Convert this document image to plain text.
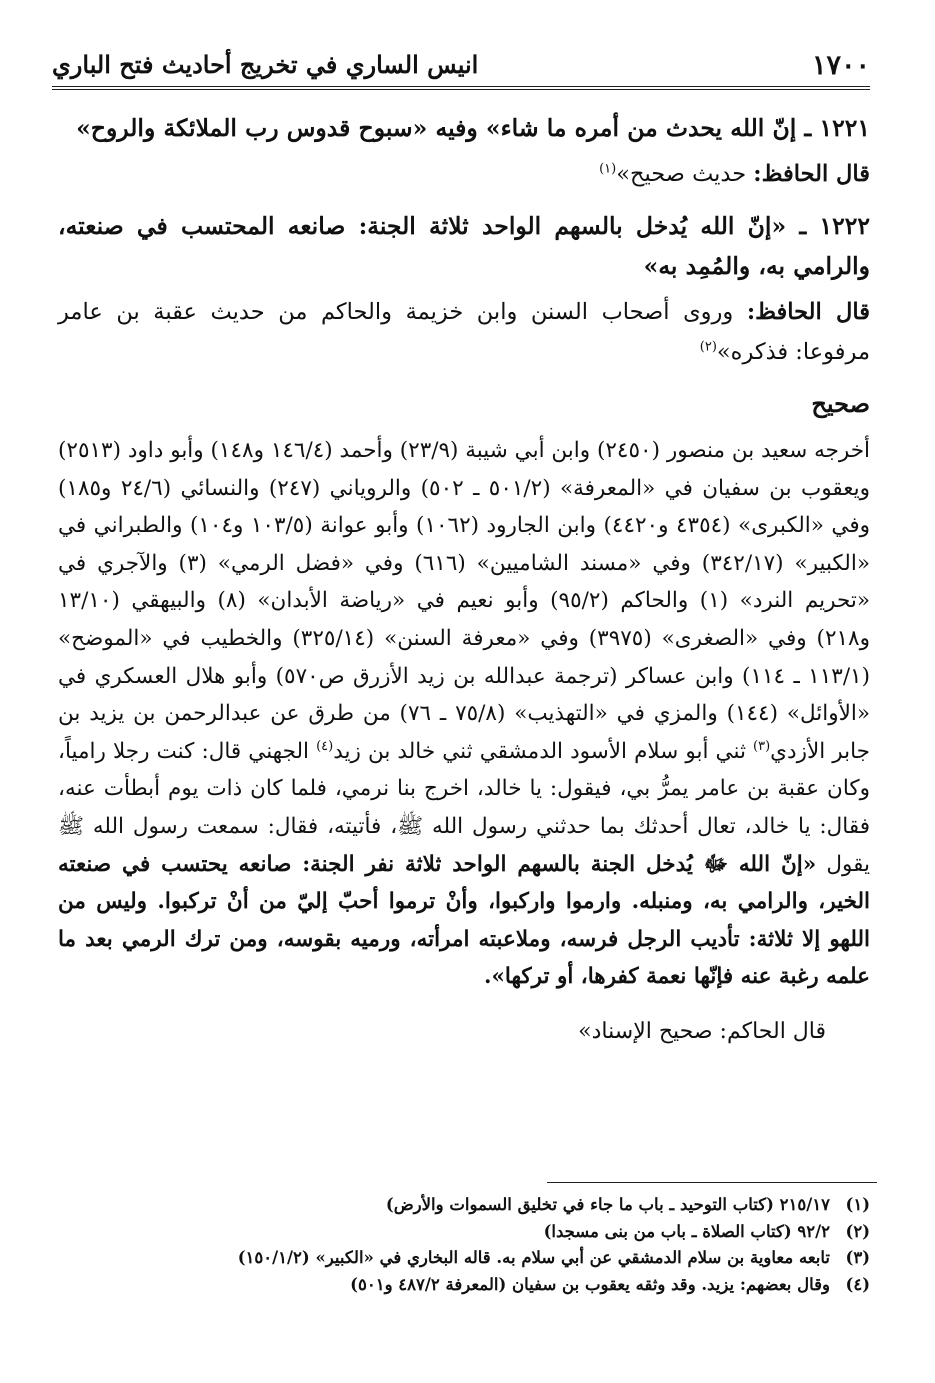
١٧٠٠
انيس الساري في تخريج أحاديث فتح الباري

١٢٢١ ـ إنّ الله يحدث من أمره ما شاء» وفيه «سبوح قدوس رب الملائكة والروح»

قال الحافظ: حديث صحيح»$^{(١)}$

١٢٢٢ ـ «إنّ الله يُدخل بالسهم الواحد ثلاثة الجنة: صانعه المحتسب في صنعته، والرامي به، والمُمِد به»

قال الحافظ: وروى أصحاب السنن وابن خزيمة والحاكم من حديث عقبة بن عامر مرفوعا: فذكره»$^{(٢)}$

صحيح

أخرجه سعيد بن منصور (٢٤٥٠) وابن أبي شيبة (٢٣/٩) وأحمد (١٤٦/٤ و١٤٨) وأبو داود (٢٥١٣) ويعقوب بن سفيان في «المعرفة» (٥٠١/٢ ـ ٥٠٢) والروياني (٢٤٧) والنسائي (٢٤/٦ و١٨٥) وفي «الكبرى» (٤٣٥٤ و٤٤٢٠) وابن الجارود (١٠٦٢) وأبو عوانة (١٠٣/٥ و١٠٤) والطبراني في «الكبير» (٣٤٢/١٧) وفي «مسند الشاميين» (٦١٦) وفي «فضل الرمي» (٣) والآجري في «تحريم النرد» (١) والحاكم (٩٥/٢) وأبو نعيم في «رياضة الأبدان» (٨) والبيهقي (١٣/١٠ و٢١٨) وفي «الصغرى» (٣٩٧٥) وفي «معرفة السنن» (٣٢٥/١٤) والخطيب في «الموضح» (١١٣/١ ـ ١١٤) وابن عساكر (ترجمة عبدالله بن زيد الأزرق ص٥٧٠) وأبو هلال العسكري في «الأوائل» (١٤٤) والمزي في «التهذيب» (٧٥/٨ ـ ٧٦) من طرق عن عبدالرحمن بن يزيد بن جابر الأزدي$^{(٣)}$ ثني أبو سلام الأسود الدمشقي ثني خالد بن زيد$^{(٤)}$ الجهني قال: كنت رجلا رامياً، وكان عقبة بن عامر يمرُّ بي، فيقول: يا خالد، اخرج بنا نرمي، فلما كان ذات يوم أبطأت عنه، فقال: يا خالد، تعال أحدثك بما حدثني رسول الله ﷺ، فأتيته، فقال: سمعت رسول الله ﷺ يقول «إنّ الله ﷻ يُدخل الجنة بالسهم الواحد ثلاثة نفر الجنة: صانعه يحتسب في صنعته الخير، والرامي به، ومنبله. وارموا واركبوا، وأنْ ترموا أحبّ إليّ من أنْ تركبوا. وليس من اللهو إلا ثلاثة: تأديب الرجل فرسه، وملاعبته امرأته، ورميه بقوسه، ومن ترك الرمي بعد ما علمه رغبة عنه فإنّها نعمة كفرها، أو تركها».

قال الحاكم: صحيح الإسناد»

(١)
٢١٥/١٧ (كتاب التوحيد ـ باب ما جاء في تخليق السموات والأرض)
(٢)
٩٢/٢ (كتاب الصلاة ـ باب من بنى مسجدا)
(٣)
تابعه معاوية بن سلام الدمشقي عن أبي سلام به. قاله البخاري في «الكبير» (١٥٠/١/٢)
(٤)
وقال بعضهم: يزيد. وقد وثقه يعقوب بن سفيان (المعرفة ٤٨٧/٢ و٥٠١)
